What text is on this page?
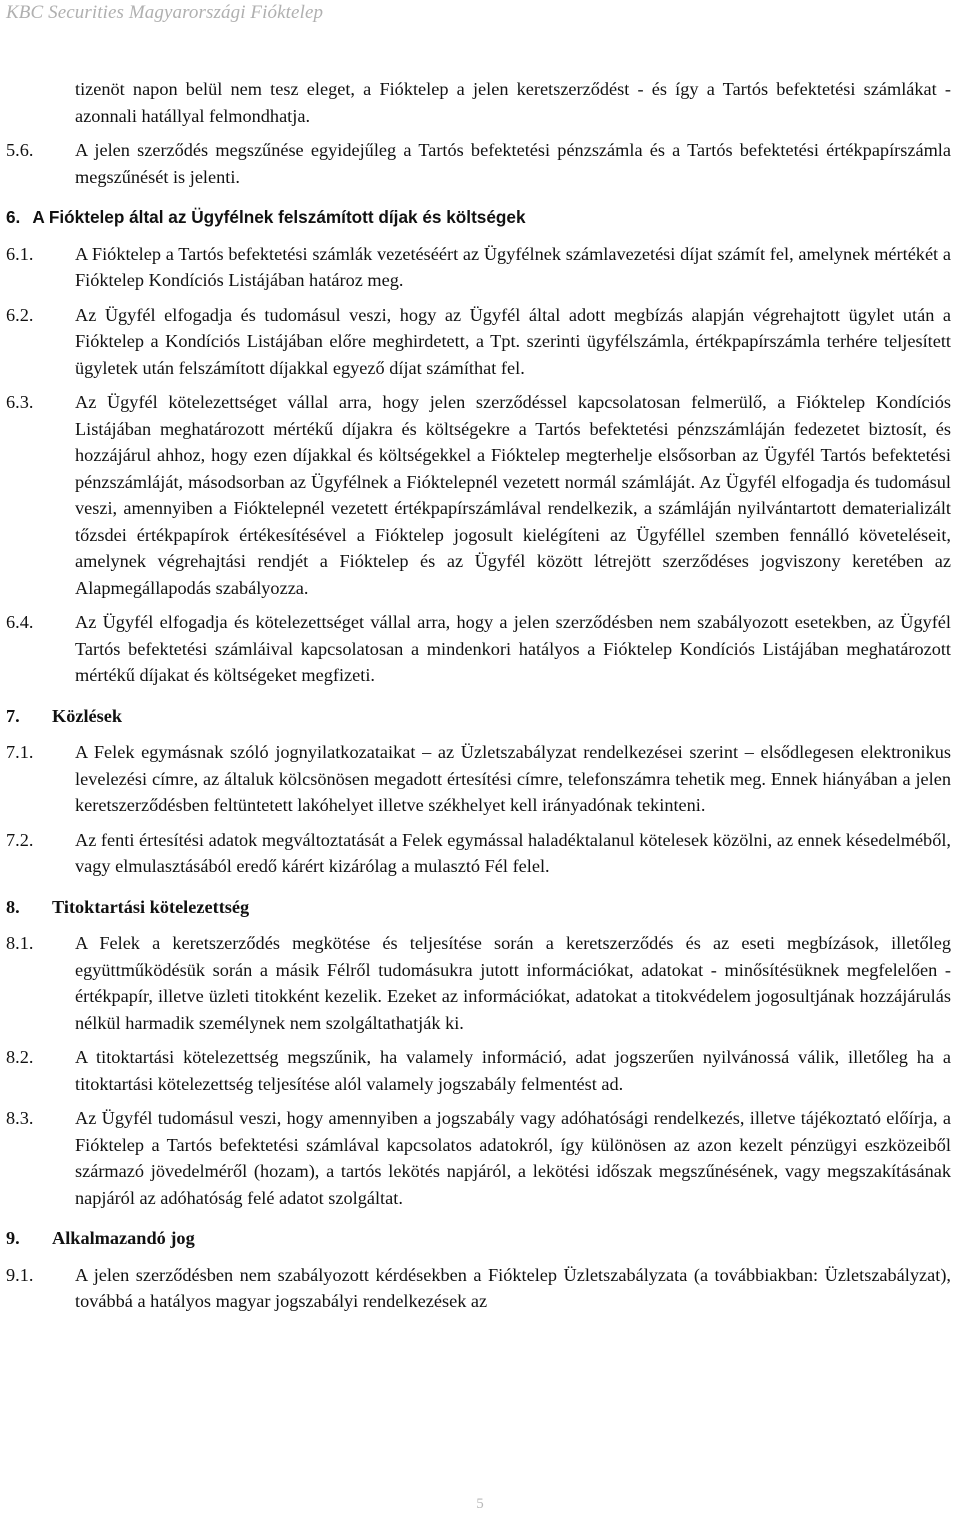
KBC Securities Magyarországi Fióktelep
tizenöt napon belül nem tesz eleget, a Fióktelep a jelen keretszerződést - és így a Tartós befektetési számlákat - azonnali hatállyal felmondhatja.
5.6.	A jelen szerződés megszűnése egyidejűleg a Tartós befektetési pénzszámla és a Tartós befektetési értékpapírszámla megszűnését is jelenti.
6. A Fióktelep által az Ügyfélnek felszámított díjak és költségek
6.1.	A Fióktelep a Tartós befektetési számlák vezetéséért az Ügyfélnek számlavezetési díjat számít fel, amelynek mértékét a Fióktelep Kondíciós Listájában határoz meg.
6.2.	Az Ügyfél elfogadja és tudomásul veszi, hogy az Ügyfél által adott megbízás alapján végrehajtott ügylet után a Fióktelep a Kondíciós Listájában előre meghirdetett, a Tpt. szerinti ügyfélszámla, értékpapírszámla terhére teljesített ügyletek után felszámított díjakkal egyező díjat számíthat fel.
6.3.	Az Ügyfél kötelezettséget vállal arra, hogy jelen szerződéssel kapcsolatosan felmerülő, a Fióktelep Kondíciós Listájában meghatározott mértékű díjakra és költségekre a Tartós befektetési pénzszámláján fedezetet biztosít, és hozzájárul ahhoz, hogy ezen díjakkal és költségekkel a Fióktelep megterhelje elsősorban az Ügyfél Tartós befektetési pénzszámláját, másodsorban az Ügyfélnek a Fióktelepnél vezetett normál számláját. Az Ügyfél elfogadja és tudomásul veszi, amennyiben a Fióktelepnél vezetett értékpapírszámlával rendelkezik, a számláján nyilvántartott dematerializált tőzsdei értékpapírok értékesítésével a Fióktelep jogosult kielégíteni az Ügyféllel szemben fennálló követeléseit, amelynek végrehajtási rendjét a Fióktelep és az Ügyfél között létrejött szerződéses jogviszony keretében az Alapmegállapodás szabályozza.
6.4.	Az Ügyfél elfogadja és kötelezettséget vállal arra, hogy a jelen szerződésben nem szabályozott esetekben, az Ügyfél Tartós befektetési számláival kapcsolatosan a mindenkori hatályos a Fióktelep Kondíciós Listájában meghatározott mértékű díjakat és költségeket megfizeti.
7.	Közlések
7.1.	A Felek egymásnak szóló jognyilatkozataikat – az Üzletszabályzat rendelkezései szerint – elsődlegesen elektronikus levelezési címre, az általuk kölcsönösen megadott értesítési címre, telefonszámra tehetik meg. Ennek hiányában a jelen keretszerződésben feltüntetett lakóhelyet illetve székhelyet kell irányadónak tekinteni.
7.2.	Az fenti értesítési adatok megváltoztatását a Felek egymással haladéktalanul kötelesek közölni, az ennek késedelméből, vagy elmulasztásából eredő kárért kizárólag a mulasztó Fél felel.
8.	Titoktartási kötelezettség
8.1.	A Felek a keretszerződés megkötése és teljesítése során a keretszerződés és az eseti megbízások, illetőleg együttműködésük során a másik Félről tudomásukra jutott információkat, adatokat - minősítésüknek megfelelően - értékpapír, illetve üzleti titokként kezelik. Ezeket az információkat, adatokat a titokvédelem jogosultjának hozzájárulás nélkül harmadik személynek nem szolgáltathatják ki.
8.2.	A titoktartási kötelezettség megszűnik, ha valamely információ, adat jogszerűen nyilvánossá válik, illetőleg ha a titoktartási kötelezettség teljesítése alól valamely jogszabály felmentést ad.
8.3.	Az Ügyfél tudomásul veszi, hogy amennyiben a jogszabály vagy adóhatósági rendelkezés, illetve tájékoztató előírja, a Fióktelep a Tartós befektetési számlával kapcsolatos adatokról, így különösen az azon kezelt pénzügyi eszközeiből származó jövedelméről (hozam), a tartós lekötés napjáról, a lekötési időszak megszűnésének, vagy megszakításának napjáról az adóhatóság felé adatot szolgáltat.
9.	Alkalmazandó jog
9.1.	A jelen szerződésben nem szabályozott kérdésekben a Fióktelep Üzletszabályzata (a továbbiakban: Üzletszabályzat), továbbá a hatályos magyar jogszabályi rendelkezések az
5
